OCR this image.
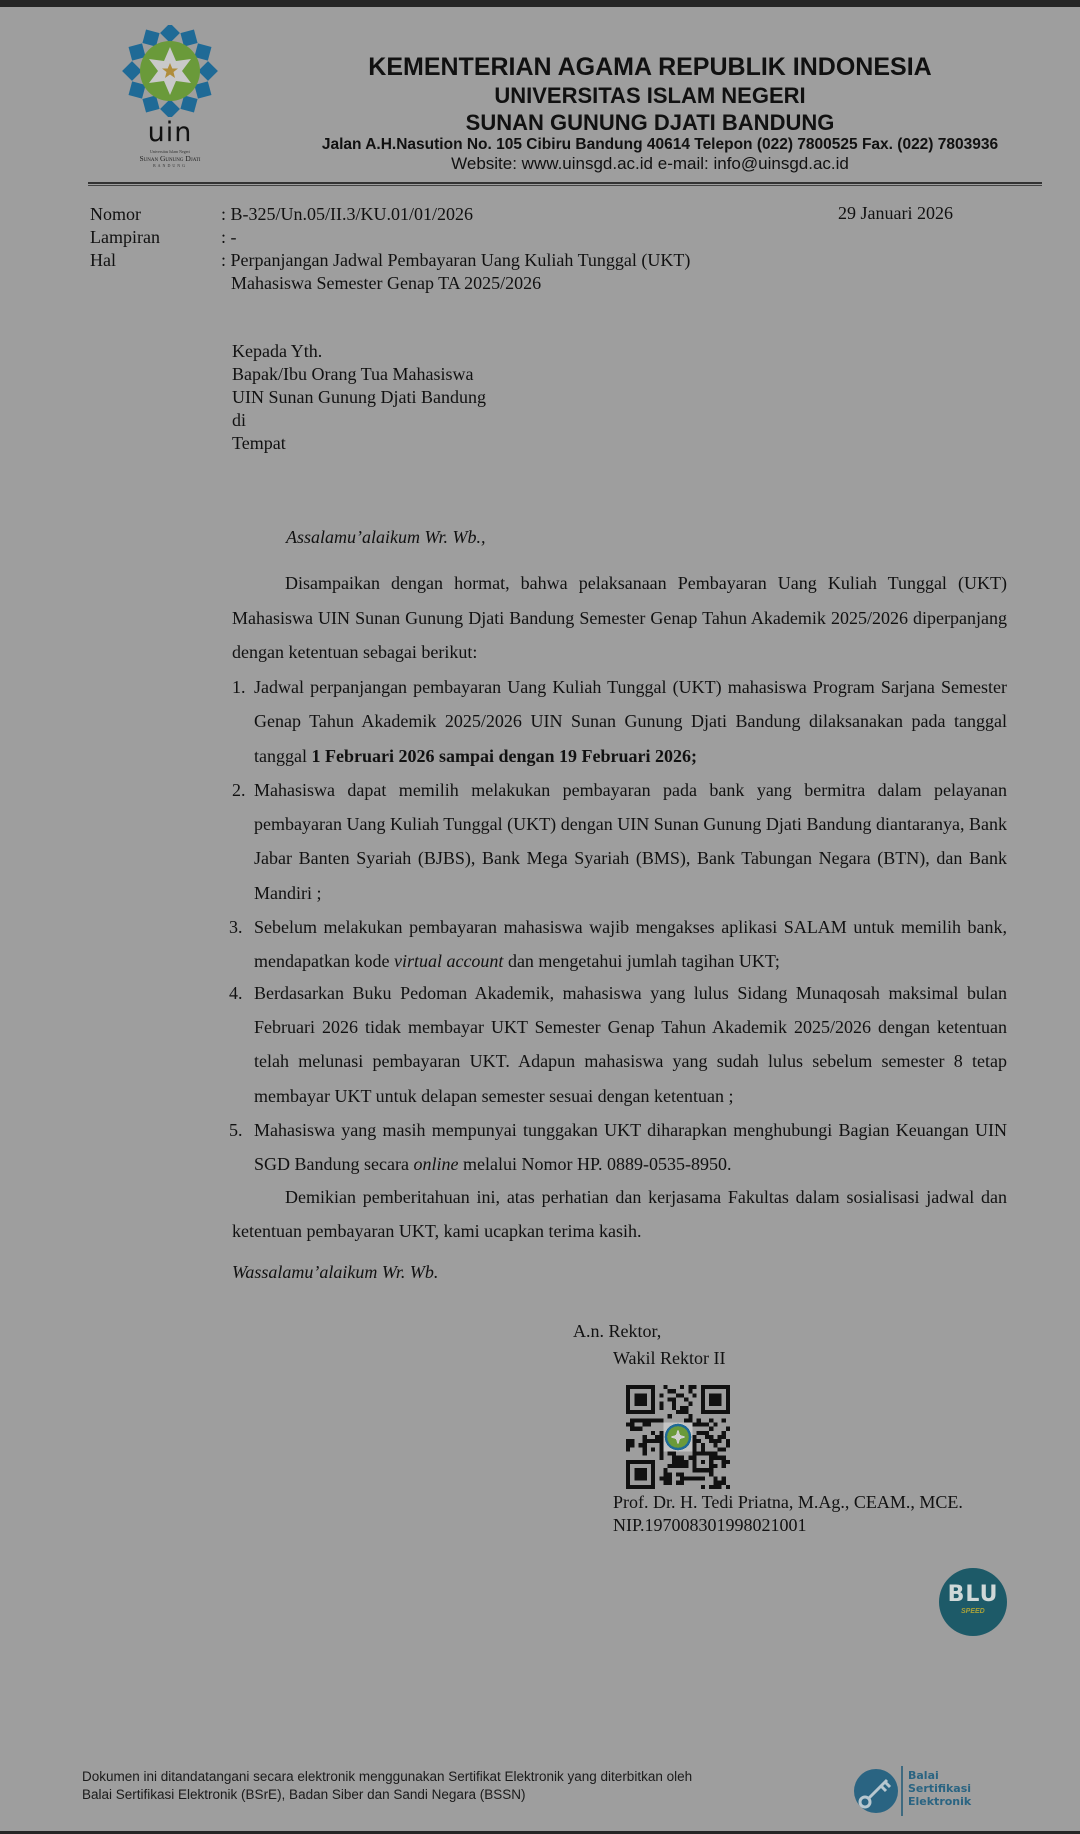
uin
Universitas Islam Negeri
Sunan Gunung Djati
BANDUNG
KEMENTERIAN AGAMA REPUBLIK INDONESIA
UNIVERSITAS ISLAM NEGERI
SUNAN GUNUNG DJATI BANDUNG
Jalan A.H.Nasution No. 105 Cibiru Bandung 40614 Telepon (022) 7800525 Fax. (022) 7803936
Website: www.uinsgd.ac.id e-mail: info@uinsgd.ac.id
Nomor	: B-325/Un.05/II.3/KU.01/01/2026
Lampiran	: -
Hal	: Perpanjangan Jadwal Pembayaran Uang Kuliah Tunggal (UKT)
Mahasiswa Semester Genap TA 2025/2026
29 Januari 2026
Kepada Yth.
Bapak/Ibu Orang Tua Mahasiswa
UIN Sunan Gunung Djati Bandung
di
Tempat
Assalamu’alaikum Wr. Wb.,
Disampaikan dengan hormat, bahwa pelaksanaan Pembayaran Uang Kuliah Tunggal (UKT) Mahasiswa UIN Sunan Gunung Djati Bandung Semester Genap Tahun Akademik 2025/2026 diperpanjang dengan ketentuan sebagai berikut:
1. Jadwal perpanjangan pembayaran Uang Kuliah Tunggal (UKT) mahasiswa Program Sarjana Semester Genap Tahun Akademik 2025/2026 UIN Sunan Gunung Djati Bandung dilaksanakan pada tanggal tanggal 1 Februari 2026 sampai dengan 19 Februari 2026;
2. Mahasiswa dapat memilih melakukan pembayaran pada bank yang bermitra dalam pelayanan pembayaran Uang Kuliah Tunggal (UKT) dengan UIN Sunan Gunung Djati Bandung diantaranya, Bank Jabar Banten Syariah (BJBS), Bank Mega Syariah (BMS), Bank Tabungan Negara (BTN), dan Bank Mandiri ;
3. Sebelum melakukan pembayaran mahasiswa wajib mengakses aplikasi SALAM untuk memilih bank, mendapatkan kode virtual account dan mengetahui jumlah tagihan UKT;
4. Berdasarkan Buku Pedoman Akademik, mahasiswa yang lulus Sidang Munaqosah maksimal bulan Februari 2026 tidak membayar UKT Semester Genap Tahun Akademik 2025/2026 dengan ketentuan telah melunasi pembayaran UKT. Adapun mahasiswa yang sudah lulus sebelum semester 8 tetap membayar UKT untuk delapan semester sesuai dengan ketentuan ;
5. Mahasiswa yang masih mempunyai tunggakan UKT diharapkan menghubungi Bagian Keuangan UIN SGD Bandung secara online melalui Nomor HP. 0889-0535-8950.
Demikian pemberitahuan ini, atas perhatian dan kerjasama Fakultas dalam sosialisasi jadwal dan ketentuan pembayaran UKT, kami ucapkan terima kasih.
Wassalamu’alaikum Wr. Wb.
A.n. Rektor,
Wakil Rektor II
Prof. Dr. H. Tedi Priatna, M.Ag., CEAM., MCE.
NIP.197008301998021001
BLU
SPEED
Dokumen ini ditandatangani secara elektronik menggunakan Sertifikat Elektronik yang diterbitkan oleh
Balai Sertifikasi Elektronik (BSrE), Badan Siber dan Sandi Negara (BSSN)
Balai
Sertifikasi
Elektronik
